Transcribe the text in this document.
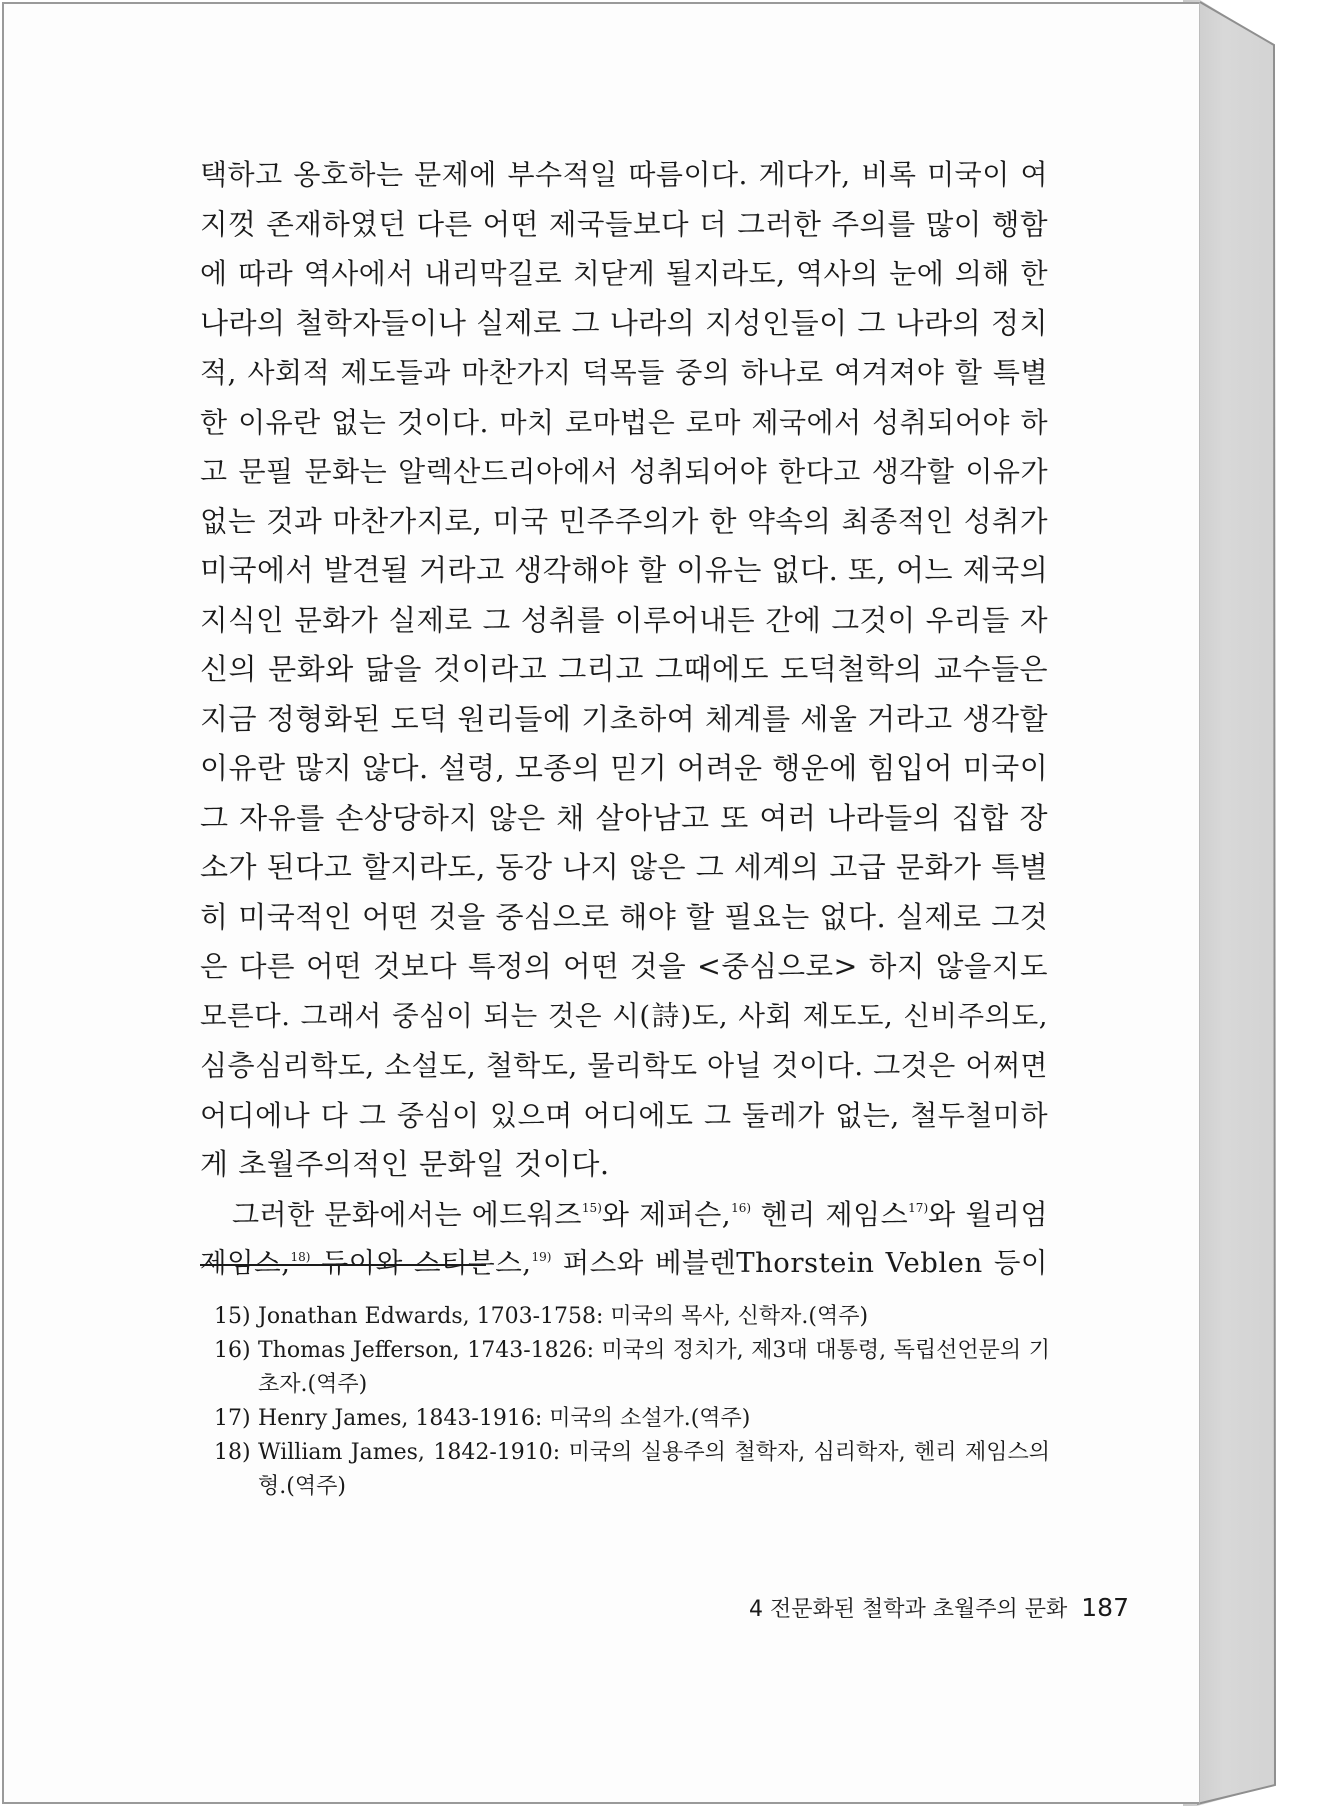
택하고 옹호하는 문제에 부수적일 따름이다. 게다가, 비록 미국이 여
지껏 존재하였던 다른 어떤 제국들보다 더 그러한 주의를 많이 행함
에 따라 역사에서 내리막길로 치닫게 될지라도, 역사의 눈에 의해 한
나라의 철학자들이나 실제로 그 나라의 지성인들이 그 나라의 정치
적, 사회적 제도들과 마찬가지 덕목들 중의 하나로 여겨져야 할 특별
한 이유란 없는 것이다. 마치 로마법은 로마 제국에서 성취되어야 하
고 문필 문화는 알렉산드리아에서 성취되어야 한다고 생각할 이유가
없는 것과 마찬가지로, 미국 민주주의가 한 약속의 최종적인 성취가
미국에서 발견될 거라고 생각해야 할 이유는 없다. 또, 어느 제국의
지식인 문화가 실제로 그 성취를 이루어내든 간에 그것이 우리들 자
신의 문화와 닮을 것이라고 그리고 그때에도 도덕철학의 교수들은
지금 정형화된 도덕 원리들에 기초하여 체계를 세울 거라고 생각할
이유란 많지 않다. 설령, 모종의 믿기 어려운 행운에 힘입어 미국이
그 자유를 손상당하지 않은 채 살아남고 또 여러 나라들의 집합 장
소가 된다고 할지라도, 동강 나지 않은 그 세계의 고급 문화가 특별
히 미국적인 어떤 것을 중심으로 해야 할 필요는 없다. 실제로 그것
은 다른 어떤 것보다 특정의 어떤 것을 <중심으로> 하지 않을지도
모른다. 그래서 중심이 되는 것은 시(詩)도, 사회 제도도, 신비주의도,
심층심리학도, 소설도, 철학도, 물리학도 아닐 것이다. 그것은 어쩌면
어디에나 다 그 중심이 있으며 어디에도 그 둘레가 없는, 철두철미하
게 초월주의적인 문화일 것이다.
그러한 문화에서는 에드워즈$^{15)}$와 제퍼슨,$^{16)}$ 헨리 제임스$^{17)}$와 윌리엄
제임스,$^{18)}$ 듀이와 스티븐스,$^{19)}$ 퍼스와 베블렌Thorstein Veblen 등이
15) Jonathan Edwards, 1703-1758: 미국의 목사, 신학자.(역주)
16) Thomas Jefferson, 1743-1826: 미국의 정치가, 제3대 대통령, 독립선언문의 기초자.(역주)
17) Henry James, 1843-1916: 미국의 소설가.(역주)
18) William James, 1842-1910: 미국의 실용주의 철학자, 심리학자, 헨리 제임스의 형.(역주)
4 전문화된 철학과 초월주의 문화 187
